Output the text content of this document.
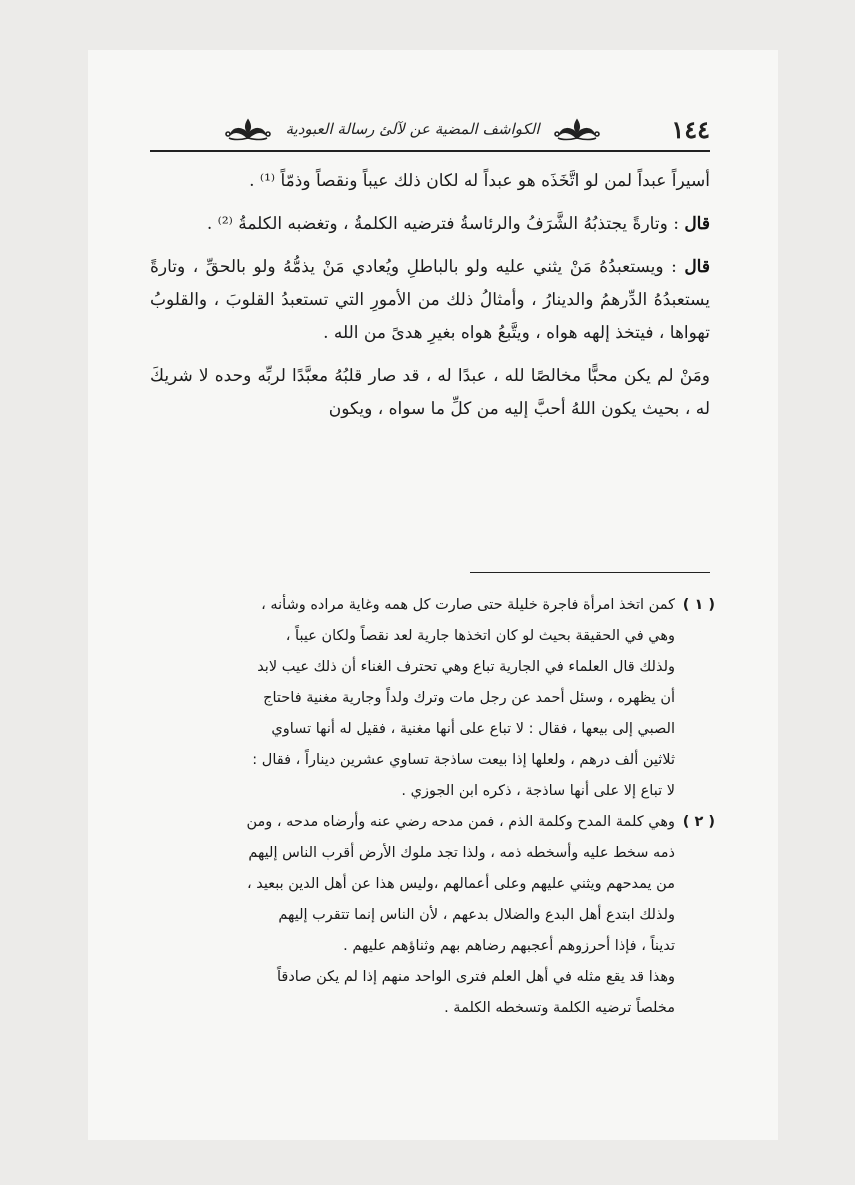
الكواشف المضية عن لآلئ رسالة العبودية	١٤٤

أسيراً عبداً لمن لو اتَّخَذَه هو عبداً له لكان ذلك عيباً ونقصاً وذمّاً ⁽¹⁾ .

قال : وتارةً يجتذبُهُ الشَّرَفُ والرئاسةُ فترضيه الكلمةُ ، وتغضبه الكلمةُ ⁽²⁾ .

قال : ويستعبدُهُ مَنْ يثني عليه ولو بالباطلِ ويُعادي مَنْ يذمُّهُ ولو بالحقِّ ، وتارةً يستعبدُهُ الدِّرهمُ والدينارُ ، وأمثالُ ذلك من الأمورِ التي تستعبدُ القلوبَ ، والقلوبُ تهواها ، فيتخذ إلهه هواه ، ويتَّبعُ هواه بغيرِ هدىً من الله .

ومَنْ لم يكن محبًّا مخالصًا لله ، عبدًا له ، قد صار قلبُهُ معبَّدًا لربِّه وحده لا شريكَ له ، بحيث يكون اللهُ أحبَّ إليه من كلِّ ما سواه ، ويكون

( ١ )

كمن اتخذ امرأة فاجرة خليلة حتى صارت كل همه وغاية مراده وشأنه ،

وهي في الحقيقة بحيث لو كان اتخذها جارية لعد نقصاً ولكان عيباً ،

ولذلك قال العلماء في الجارية تباع وهي تحترف الغناء أن ذلك عيب لابد

أن يظهره ، وسئل أحمد عن رجل مات وترك ولداً وجارية مغنية فاحتاج

الصبي إلى بيعها ، فقال : لا تباع على أنها مغنية ، فقيل له أنها تساوي

ثلاثين ألف درهم ، ولعلها إذا بيعت ساذجة تساوي عشرين ديناراً ، فقال :

لا تباع إلا على أنها ساذجة ، ذكره ابن الجوزي .

( ٢ )

وهي كلمة المدح وكلمة الذم ، فمن مدحه رضي عنه وأرضاه مدحه ، ومن

ذمه سخط عليه وأسخطه ذمه ، ولذا تجد ملوك الأرض أقرب الناس إليهم

من يمدحهم ويثني عليهم وعلى أعمالهم ،وليس هذا عن أهل الدين ببعيد ،

ولذلك ابتدع أهل البدع والضلال بدعهم ، لأن الناس إنما تتقرب إليهم

تديناً ، فإذا أحرزوهم أعجبهم رضاهم بهم وثناؤهم عليهم .

وهذا قد يقع مثله في أهل العلم فترى الواحد منهم إذا لم يكن صادقاً

مخلصاً ترضيه الكلمة وتسخطه الكلمة .
